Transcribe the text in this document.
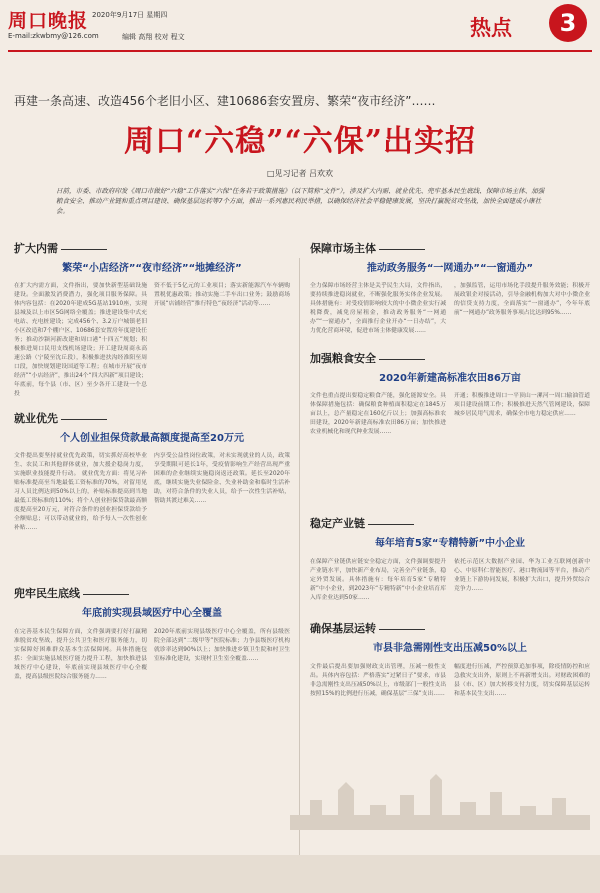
周口晚报 2020年9月17日 星期四
E-mail:zkwbmy@126.com	编辑 高翔 校对 程文	热点	3
再建一条高速、改造456个老旧小区、建10686套安置房、繁荣“夜市经济”……
周口“六稳”“六保”出实招
□见习记者 吕欢欢
日前，市委、市政府印发《周口市做好“六稳”工作落实“六保”任务若干政策措施》（以下简称“文件”），涉及扩大内需、就业优先、兜牢基本民生底线、保障市场主体、加强粮食安全、推动产业链和重点项目建设、确保基层运转等7个方面，推出一系列惠民利民举措，以确保经济社会平稳健康发展，坚决打赢脱贫攻坚战，加快全面建成小康社会。
扩大内需
繁荣“小店经济”“夜市经济”“地摊经济”
在扩大内需方面，文件指出，要加快新型基础设施建设。全面激发消费潜力，强化项目服务保障。具体内容包括：在2020年建成5G基站1910座，实现县城及以上市区5G网络全覆盖；推进建设集中式充电站、充电桩建设；完成456个、3.2万户城镇老旧小区改造和7个棚户区、10686套安置房年度建设任务；推动沙颍河新改建和周口港“十四五”规划；积极推进周口民用支线机场建设；开工建设周商永高速公路（宁陵至沈丘段），积极推进扶沟经淮阳至周口段，加快规划建设国道等工程；在城市开展“夜市经济”“小店经济”，推出24个“四大四新”项目建设；年底前，每个县（市、区）至少各开工建设一个总投
资不低于5亿元的工业项目；落实新能源汽车车辆购置税优惠政策；推动实施二手车出口业务；鼓励商场开展“店铺经营”推行特色“夜经济”活动等……
就业优先
个人创业担保贷款最高额度提高至20万元
文件提出要坚持就业优先政策，切实抓好高校毕业生、农民工和其他群体就业，加大援企稳岗力度，实施职业技能提升行动。 就业优先方面：将见习补贴标准提高至当地最低工资标准的70%，对留用见习人员比例达到50%以上的，补贴标准提高到当地最低工资标准的110%；将个人创业担保贷款最高额度提高至20万元，对符合条件的创业担保贷款给予全额贴息；可以带动就业的，给予每人一次性创业补贴……
内享受公益性岗位政策，对未实现就业的人员，政策享受期限可延长1年，受疫情影响生产经营出现严重困难的企业继续实施稳岗返还政策。延长至2020年底，继续实施失业保险金、失业补助金和临时生活补助，对符合条件的失业人员，给予一次性生活补贴，帮助其渡过难关……
兜牢民生底线
年底前实现县域医疗中心全覆盖
在完善基本民生保障方面，文件强调要打好打赢精准脱贫攻坚战，提升公共卫生和医疗服务能力，切实保障好困难群众基本生活保障网。具体措施包括：全面实施县域医疗能力提升工程，加快推进县域医疗中心建设，年底前实现县域医疗中心全覆盖，提高县级医院综合服务能力……
2020年底前实现县级医疗中心全覆盖，所有县级医院全部达到“二级甲等”医院标准；力争县级医疗机构就诊率达到90%以上；加快推进乡镇卫生院和村卫生室标准化建设，实现村卫生室全覆盖……
保障市场主体
推动政务服务“一网通办”“一窗通办”
全力保障市场经营主体是关乎民生大局，文件指出，要持续推进稳岗就业，不断强化服务实体企业发展。具体措施有：对受疫情影响较大的中小微企业实行减税降费，减免房屋租金，推动政务服务“一网通办”“一窗通办”，全面推行企业开办“一日办结”，大力优化营商环境，促进市场主体健康发展……
，加强监管，运用市场化手段提升服务效能；积极开展政银企对接活动，引导金融机构加大对中小微企业的信贷支持力度，全面落实“一窗通办”，今年年底前“一网通办”政务服务事项占比达到95%……
加强粮食安全
2020年新建高标准农田86万亩
文件也重点提出要稳定粮食产能，强化能源安全。具体保障措施包括：确保粮食种植面积稳定在1845万亩以上，总产量稳定在160亿斤以上；加强高标准农田建设，2020年新建高标准农田86万亩；加快推进农业机械化和现代种业发展……
开通；积极推进周口一平顶山一漯河一周口输油管道项目建设前期工作；积极推进天然气管网建设，保障城乡居民用气需求，确保全市电力稳定供应……
稳定产业链
每年培育5家“专精特新”中小企业
在保障产业链供应链安全稳定方面，文件强调要提升产业链水平，加快新产业布局，完善全产业链条，稳定外贸发展。具体措施有：每年培育5家“专精特新”中小企业，到2023年“专精特新”中小企业培育库入库企业达到50家……
依托示范区大数据产业园、华为工业互联网创新中心、中原科仁智能医疗、港口物流园等平台，推动产业链上下游协同发展，积极扩大出口，提升外贸综合竞争力……
确保基层运转
市县非急需刚性支出压减50%以上
文件最后提出要加强财政支出管理，压减一般性支出。具体内容包括：严格落实“过紧日子”要求，市县非急需刚性支出压减50%以上，市级部门一般性支出按照15%的比例进行压减，确保基层“三保”支出……
幅度进行压减，严控预算追加事项，除疫情防控和应急救灾支出外，原则上不再新增支出。对财政困难的县（市、区）加大转移支付力度，切实保障基层运转和基本民生支出……
